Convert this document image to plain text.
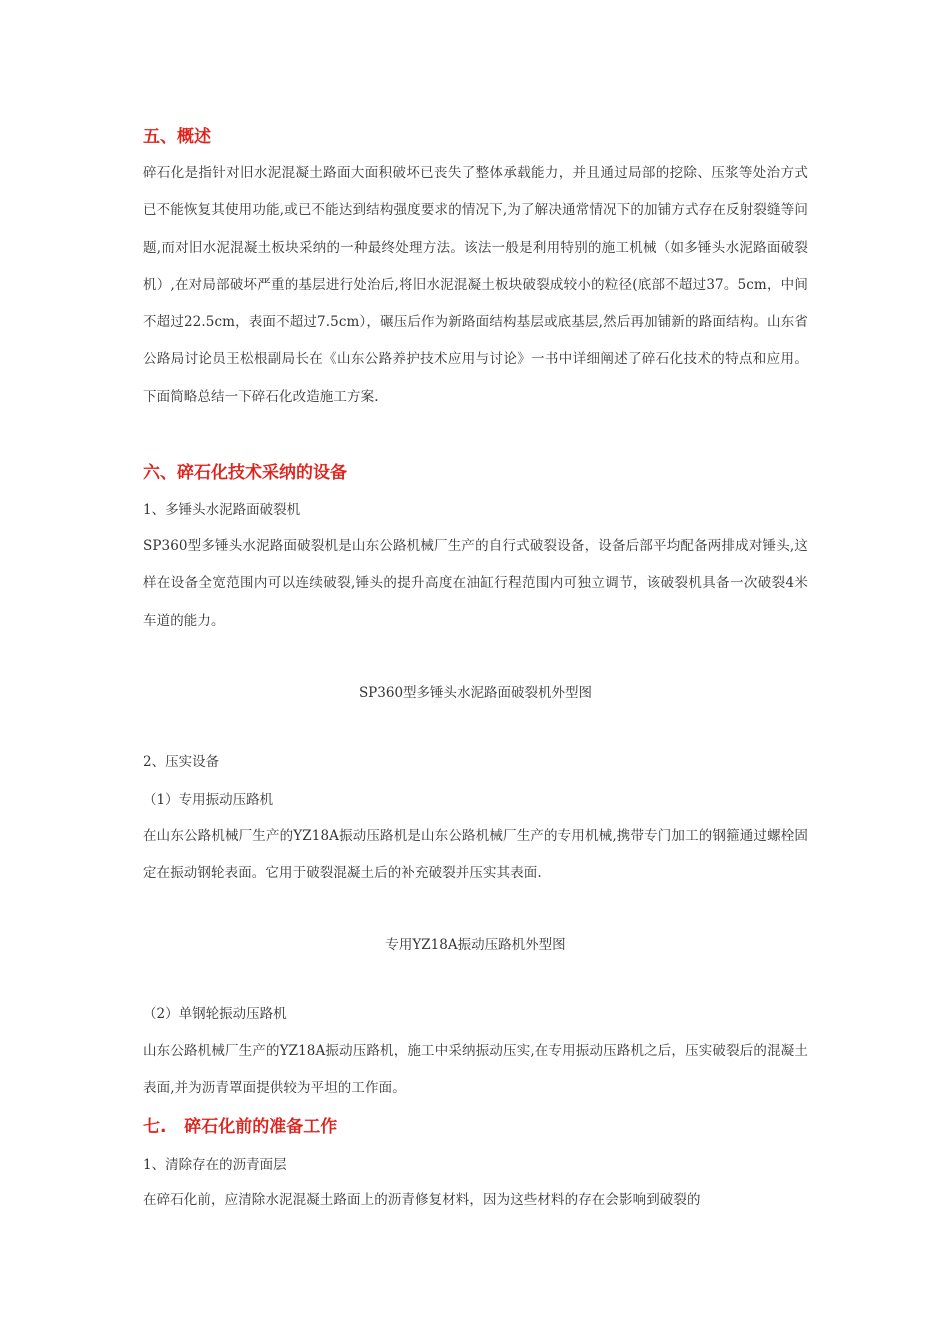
五、概述
碎石化是指针对旧水泥混凝土路面大面积破坏已丧失了整体承载能力，并且通过局部的挖除、压浆等处治方式已不能恢复其使用功能,或已不能达到结构强度要求的情况下,为了解决通常情况下的加铺方式存在反射裂缝等问题,而对旧水泥混凝土板块采纳的一种最终处理方法。该法一般是利用特别的施工机械（如多锤头水泥路面破裂机）,在对局部破坏严重的基层进行处治后,将旧水泥混凝土板块破裂成较小的粒径(底部不超过37。5cm，中间不超过22.5cm，表面不超过7.5cm），碾压后作为新路面结构基层或底基层,然后再加铺新的路面结构。山东省公路局讨论员王松根副局长在《山东公路养护技术应用与讨论》一书中详细阐述了碎石化技术的特点和应用。下面简略总结一下碎石化改造施工方案.
六、碎石化技术采纳的设备
1、多锤头水泥路面破裂机
SP360型多锤头水泥路面破裂机是山东公路机械厂生产的自行式破裂设备，设备后部平均配备两排成对锤头,这样在设备全宽范围内可以连续破裂,锤头的提升高度在油缸行程范围内可独立调节，该破裂机具备一次破裂4米车道的能力。
SP360型多锤头水泥路面破裂机外型图
2、压实设备
（1）专用振动压路机
在山东公路机械厂生产的YZ18A振动压路机是山东公路机械厂生产的专用机械,携带专门加工的钢箍通过螺栓固定在振动钢轮表面。它用于破裂混凝土后的补充破裂并压实其表面.
专用YZ18A振动压路机外型图
（2）单钢轮振动压路机
山东公路机械厂生产的YZ18A振动压路机，施工中采纳振动压实,在专用振动压路机之后，压实破裂后的混凝土表面,并为沥青罩面提供较为平坦的工作面。
七.   碎石化前的准备工作
1、清除存在的沥青面层
在碎石化前，应清除水泥混凝土路面上的沥青修复材料，因为这些材料的存在会影响到破裂的
